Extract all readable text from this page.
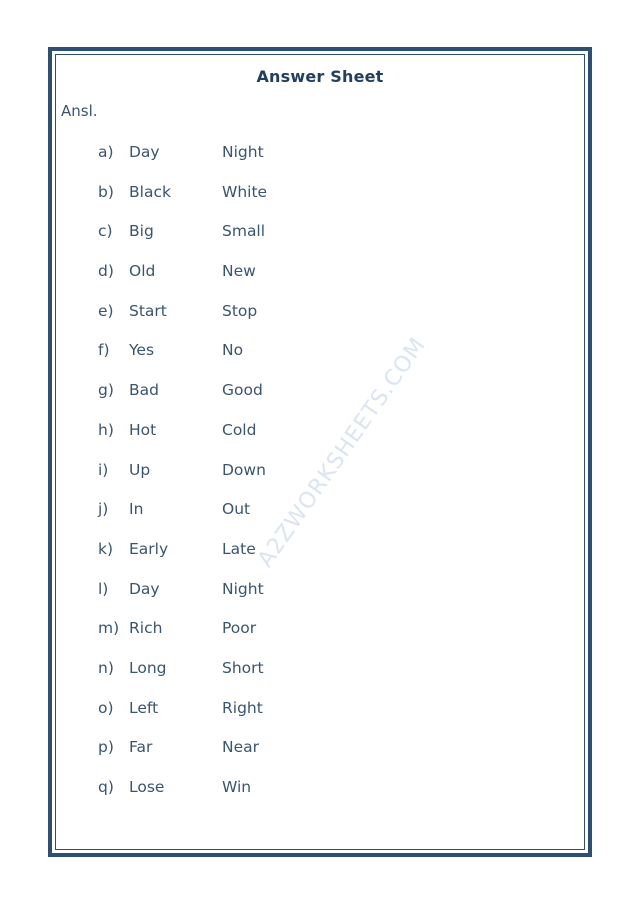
Answer Sheet
Ansl.
a) Day	Night
b) Black	White
c) Big	Small
d) Old	New
e) Start	Stop
f) Yes	No
g) Bad	Good
h) Hot	Cold
i) Up	Down
j) In	Out
k) Early	Late
l) Day	Night
m) Rich	Poor
n) Long	Short
o) Left	Right
p) Far	Near
q) Lose	Win
A2ZWORKSHEETS.COM
